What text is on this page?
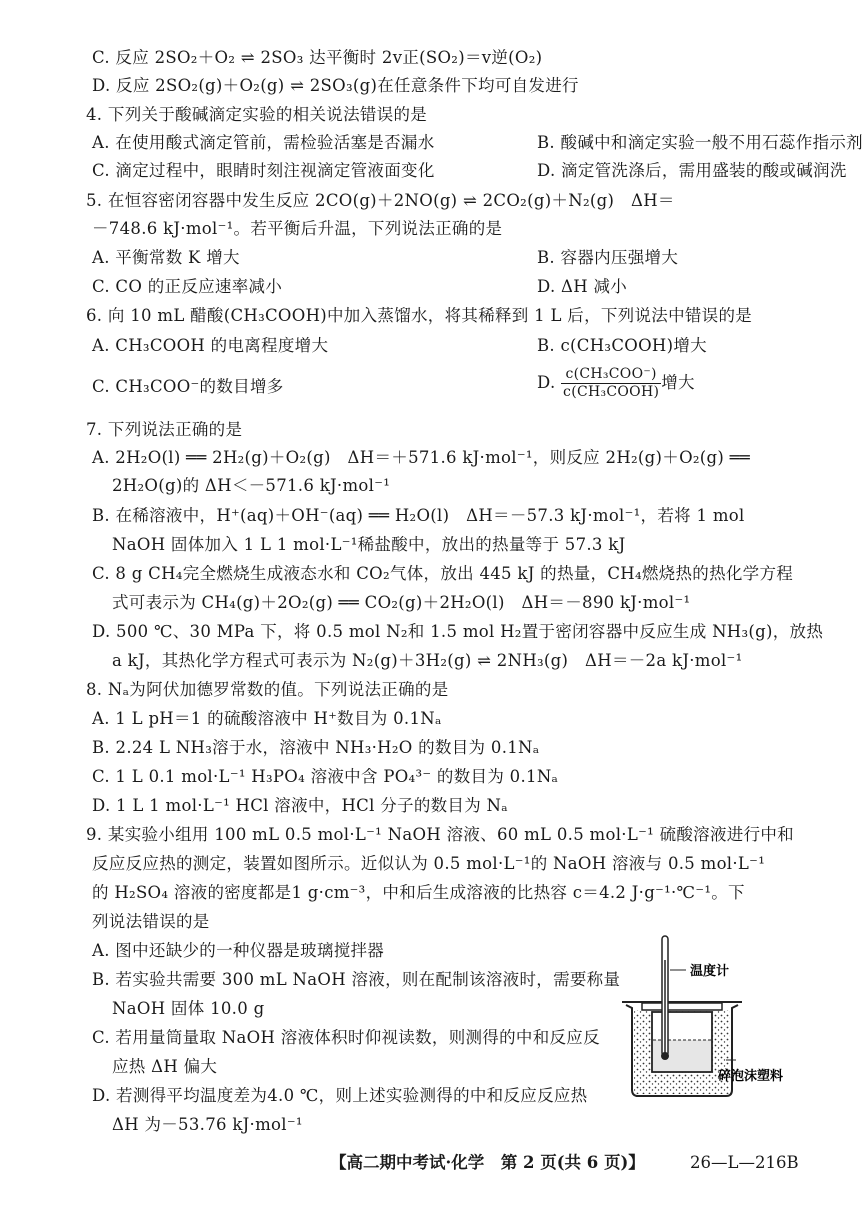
C. 反应 2SO₂＋O₂ ⇌ 2SO₃ 达平衡时 2v正(SO₂)＝v逆(O₂)
D. 反应 2SO₂(g)＋O₂(g) ⇌ 2SO₃(g)在任意条件下均可自发进行
4. 下列关于酸碱滴定实验的相关说法错误的是
A. 在使用酸式滴定管前，需检验活塞是否漏水	B. 酸碱中和滴定实验一般不用石蕊作指示剂
C. 滴定过程中，眼睛时刻注视滴定管液面变化	D. 滴定管洗涤后，需用盛装的酸或碱润洗
5. 在恒容密闭容器中发生反应 2CO(g)＋2NO(g) ⇌ 2CO₂(g)＋N₂(g)　ΔH＝
－748.6 kJ·mol⁻¹。若平衡后升温，下列说法正确的是
A. 平衡常数 K 增大	B. 容器内压强增大
C. CO 的正反应速率减小	D. ΔH 减小
6. 向 10 mL 醋酸(CH₃COOH)中加入蒸馏水，将其稀释到 1 L 后，下列说法中错误的是
A. CH₃COOH 的电离程度增大	B. c(CH₃COOH)增大
C. CH₃COO⁻的数目增多	D. $\frac{\text{c(CH₃COO⁻)}}{\text{c(CH₃COOH)}}$ 增大
7. 下列说法正确的是
A. 2H₂O(l) ══ 2H₂(g)＋O₂(g)　ΔH＝＋571.6 kJ·mol⁻¹，则反应 2H₂(g)＋O₂(g) ══
2H₂O(g)的 ΔH＜－571.6 kJ·mol⁻¹
B. 在稀溶液中，H⁺(aq)＋OH⁻(aq) ══ H₂O(l)　ΔH＝－57.3 kJ·mol⁻¹，若将 1 mol
NaOH 固体加入 1 L 1 mol·L⁻¹稀盐酸中，放出的热量等于 57.3 kJ
C. 8 g CH₄完全燃烧生成液态水和 CO₂气体，放出 445 kJ 的热量，CH₄燃烧热的热化学方程
式可表示为 CH₄(g)＋2O₂(g) ══ CO₂(g)＋2H₂O(l)　ΔH＝－890 kJ·mol⁻¹
D. 500 ℃、30 MPa 下，将 0.5 mol N₂和 1.5 mol H₂置于密闭容器中反应生成 NH₃(g)，放热
a kJ，其热化学方程式可表示为 N₂(g)＋3H₂(g) ⇌ 2NH₃(g)　ΔH＝－2a kJ·mol⁻¹
8. Nₐ为阿伏加德罗常数的值。下列说法正确的是
A. 1 L pH＝1 的硫酸溶液中 H⁺数目为 0.1Nₐ
B. 2.24 L NH₃溶于水，溶液中 NH₃·H₂O 的数目为 0.1Nₐ
C. 1 L 0.1 mol·L⁻¹ H₃PO₄ 溶液中含 PO₄³⁻ 的数目为 0.1Nₐ
D. 1 L 1 mol·L⁻¹ HCl 溶液中，HCl 分子的数目为 Nₐ
9. 某实验小组用 100 mL 0.5 mol·L⁻¹ NaOH 溶液、60 mL 0.5 mol·L⁻¹ 硫酸溶液进行中和
反应反应热的测定，装置如图所示。近似认为 0.5 mol·L⁻¹的 NaOH 溶液与 0.5 mol·L⁻¹
的 H₂SO₄ 溶液的密度都是1 g·cm⁻³，中和后生成溶液的比热容 c＝4.2 J·g⁻¹·℃⁻¹。下
列说法错误的是
A. 图中还缺少的一种仪器是玻璃搅拌器
B. 若实验共需要 300 mL NaOH 溶液，则在配制该溶液时，需要称量
NaOH 固体 10.0 g
C. 若用量筒量取 NaOH 溶液体积时仰视读数，则测得的中和反应反
应热 ΔH 偏大
D. 若测得平均温度差为4.0 ℃，则上述实验测得的中和反应反应热
ΔH 为－53.76 kJ·mol⁻¹
温度计
碎泡沫塑料
【高二期中考试·化学　第 2 页(共 6 页)】	26—L—216B
